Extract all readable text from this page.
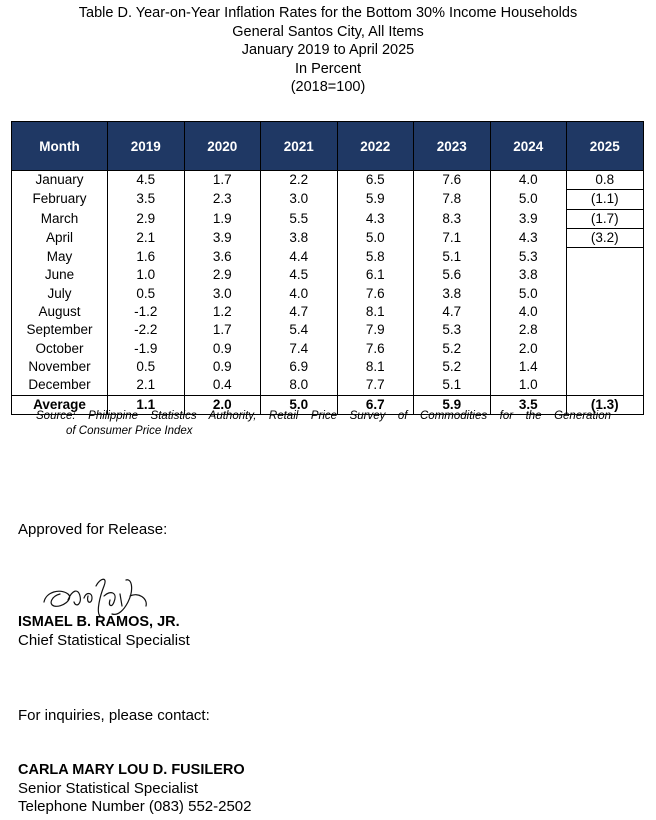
Table D. Year-on-Year Inflation Rates for the Bottom 30% Income Households
General Santos City, All Items
January 2019 to April 2025
In Percent
(2018=100)
Month	2019	2020	2021	2022	2023	2024	2025
January	4.5	1.7	2.2	6.5	7.6	4.0	0.8
February	3.5	2.3	3.0	5.9	7.8	5.0	(1.1)
March	2.9	1.9	5.5	4.3	8.3	3.9	(1.7)
April	2.1	3.9	3.8	5.0	7.1	4.3	(3.2)
May	1.6	3.6	4.4	5.8	5.1	5.3	
June	1.0	2.9	4.5	6.1	5.6	3.8	
July	0.5	3.0	4.0	7.6	3.8	5.0	
August	-1.2	1.2	4.7	8.1	4.7	4.0	
September	-2.2	1.7	5.4	7.9	5.3	2.8	
October	-1.9	0.9	7.4	7.6	5.2	2.0	
November	0.5	0.9	6.9	8.1	5.2	1.4	
December	2.1	0.4	8.0	7.7	5.1	1.0	
Average	1.1	2.0	5.0	6.7	5.9	3.5	(1.3)
Source: Philippine Statistics Authority, Retail Price Survey of Commodities for the Generation
of Consumer Price Index
Approved for Release:
ISMAEL B. RAMOS, JR.
Chief Statistical Specialist
For inquiries, please contact:
CARLA MARY LOU D. FUSILERO
Senior Statistical Specialist
Telephone Number (083) 552-2502
